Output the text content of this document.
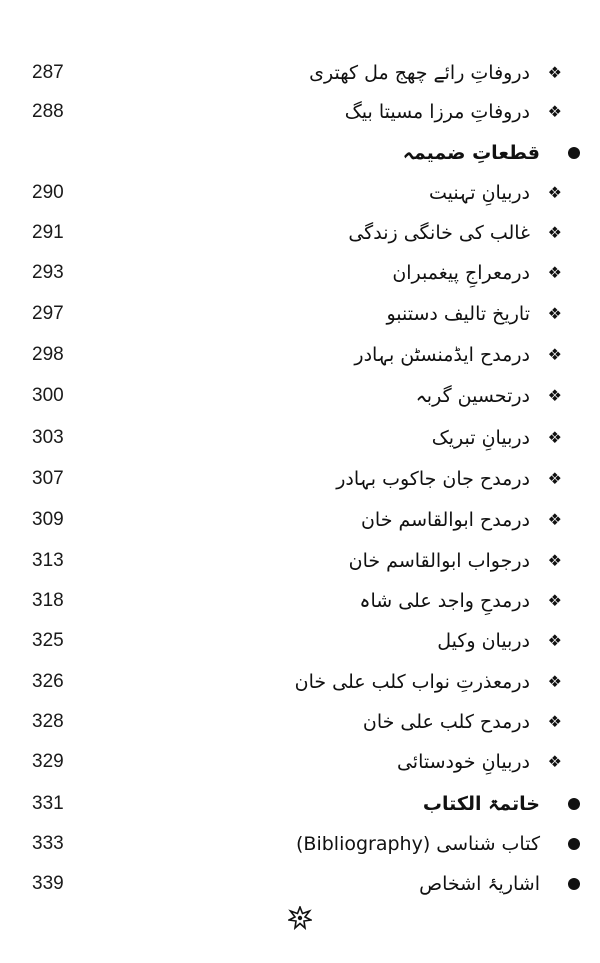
287	دروفاتِ رائے چھج مل کھتری ❖
288	دروفاتِ مرزا مسیتا بیگ ❖
قطعاتِ ضمیمہ
290	دربیانِ تہنیت ❖
291	غالب کی خانگی زندگی ❖
293	درمعراجِ پیغمبران ❖
297	تاریخ تالیف دستنبو ❖
298	درمدح ایڈمنسٹن بہادر ❖
300	درتحسین گربہ ❖
303	دربیانِ تبریک ❖
307	درمدح جان جاکوب بہادر ❖
309	درمدح ابوالقاسم خان ❖
313	درجواب ابوالقاسم خان ❖
318	درمدحِ واجد علی شاہ ❖
325	دربیان وکیل ❖
326	درمعذرتِ نواب کلب علی خان ❖
328	درمدح کلب علی خان ❖
329	دربیانِ خودستائی ❖
331	خاتمۃ الکتاب
333	کتاب شناسی (Bibliography)
339	اشاریۂ اشخاص
